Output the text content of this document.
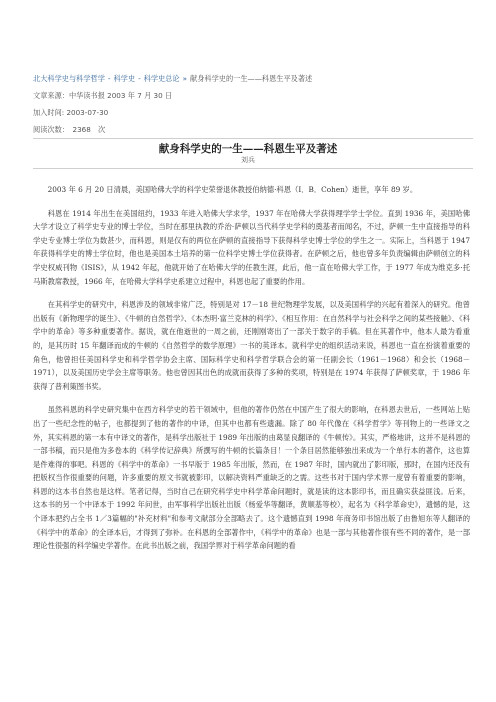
北大科学史与科学哲学 - 科学史 - 科学史总论 » 献身科学史的一生——科恩生平及著述
文章来源：中华读书报 2003 年 7 月 30 日
加入时间: 2003-07-30
阅读次数：　2368　次
献身科学史的一生——科恩生平及著述
刘兵

2003 年 6 月 20 日清晨，美国哈佛大学的科学史荣誉退休教授伯纳德·科恩（I．B．Cohen）逝世，享年 89 岁。

科恩在 1914 年出生在美国纽约，1933 年进入哈佛大学求学，1937 年在哈佛大学获得理学学士学位。直到 1936 年，美国哈佛大学才设立了科学史专业的博士学位，当时在那里执教的乔治·萨顿以当代科学史学科的奠基者而闻名，不过，萨顿一生中直接指导的科学史专业博士学位为数甚少，而科恩，则是仅有的两位在萨顿的直接指导下获得科学史博士学位的学生之一。实际上，当科恩于 1947 年获得科学史的博士学位时，他也是美国本土培养的第一位科学史博士学位获得者。在萨顿之后，他也曾多年负责编辑由萨顿创立的科学史权威刊物《ISIS》，从 1942 年起，他就开始了在哈佛大学的任教生涯，此后，他一直在哈佛大学工作，于 1977 年成为维克多·托马斯教席教授，1966 年，在哈佛大学科学史系建立过程中，科恩也起了重要的作用。

在其科学史的研究中，科恩涉及的领域非常广泛，特别是对 17－18 世纪物理学发展，以及美国科学的兴起有着深入的研究。他曾出版有《新物理学的诞生》、《牛顿的自然哲学》、《本杰明·富兰克林的科学》、《相互作用：在自然科学与社会科学之间的某些接触》、《科学中的革命》等多种重要著作。据说，就在他逝世的一周之前，还刚刚寄出了一部关于数字的手稿。但在其著作中，他本人最为看重的，是其历时 15 年翻译而成的牛顿的《自然哲学的数学原理》一书的英译本。就科学史的组织活动来说，科恩也一直在扮演着重要的角色，他曾担任美国科学史和科学哲学协会主席、国际科学史和科学哲学联合会的第一任副会长（1961－1968）和会长（1968－1971），以及美国历史学会主席等职务。他也曾因其出色的成就而获得了多种的奖项，特别是在 1974 年获得了萨顿奖章，于 1986 年获得了普利策图书奖。

虽然科恩的科学史研究集中在西方科学史的若干领域中，但他的著作仍然在中国产生了很大的影响，在科恩去世后，一些网站上贴出了一些纪念性的帖子，也都提到了他的著作的中译，但其中也都有些遗漏。除了 80 年代像在《科学哲学》等刊物上的一些译文之外，其实科恩的第一本有中译文的著作，是科学出版社于 1989 年出版的由葛显良翻译的《牛顿传》。其实，严格地讲，这并不是科恩的一部书稿，而只是他为多卷本的《科学传记辞典》所撰写的牛顿的长篇条目！一个条目居然能够独出来成为一个单行本的著作，这也算是件难得的事吧。科恩的《科学中的革命》一书早版于 1985 年出版，然而，在 1987 年时，国内就出了影印版，那时，在国内还没有把版权当作很重要的问题，许多重要的原文书就被影印，以解决资料严重缺乏的之需。这些书对于国内学术界一度曾有着重要的影响，科恩的这本书自然也是这样。笔者记得，当时自己在研究科学史中科学革命问题时，就是读的这本影印书，而且确实获益匪浅。后来，这本书的另一个中译本于 1992 年问世，由军事科学出版社出版（杨爱华等翻译，黄顺基等校），起名为《科学革命史》，遗憾的是，这个译本把约占全书 1／3篇幅的"补充材料"和参考文献部分全部略去了。这个遗憾直到 1998 年商务印书馆出版了由鲁旭东等人翻译的《科学中的革命》的全译本后，才得到了弥补。在科恩的全部著作中，《科学中的革命》也是一部与其他著作很有些不同的著作，是一部理论性很强的科学编史学著作。在此书出版之前，我国学界对于科学革命问题的看
